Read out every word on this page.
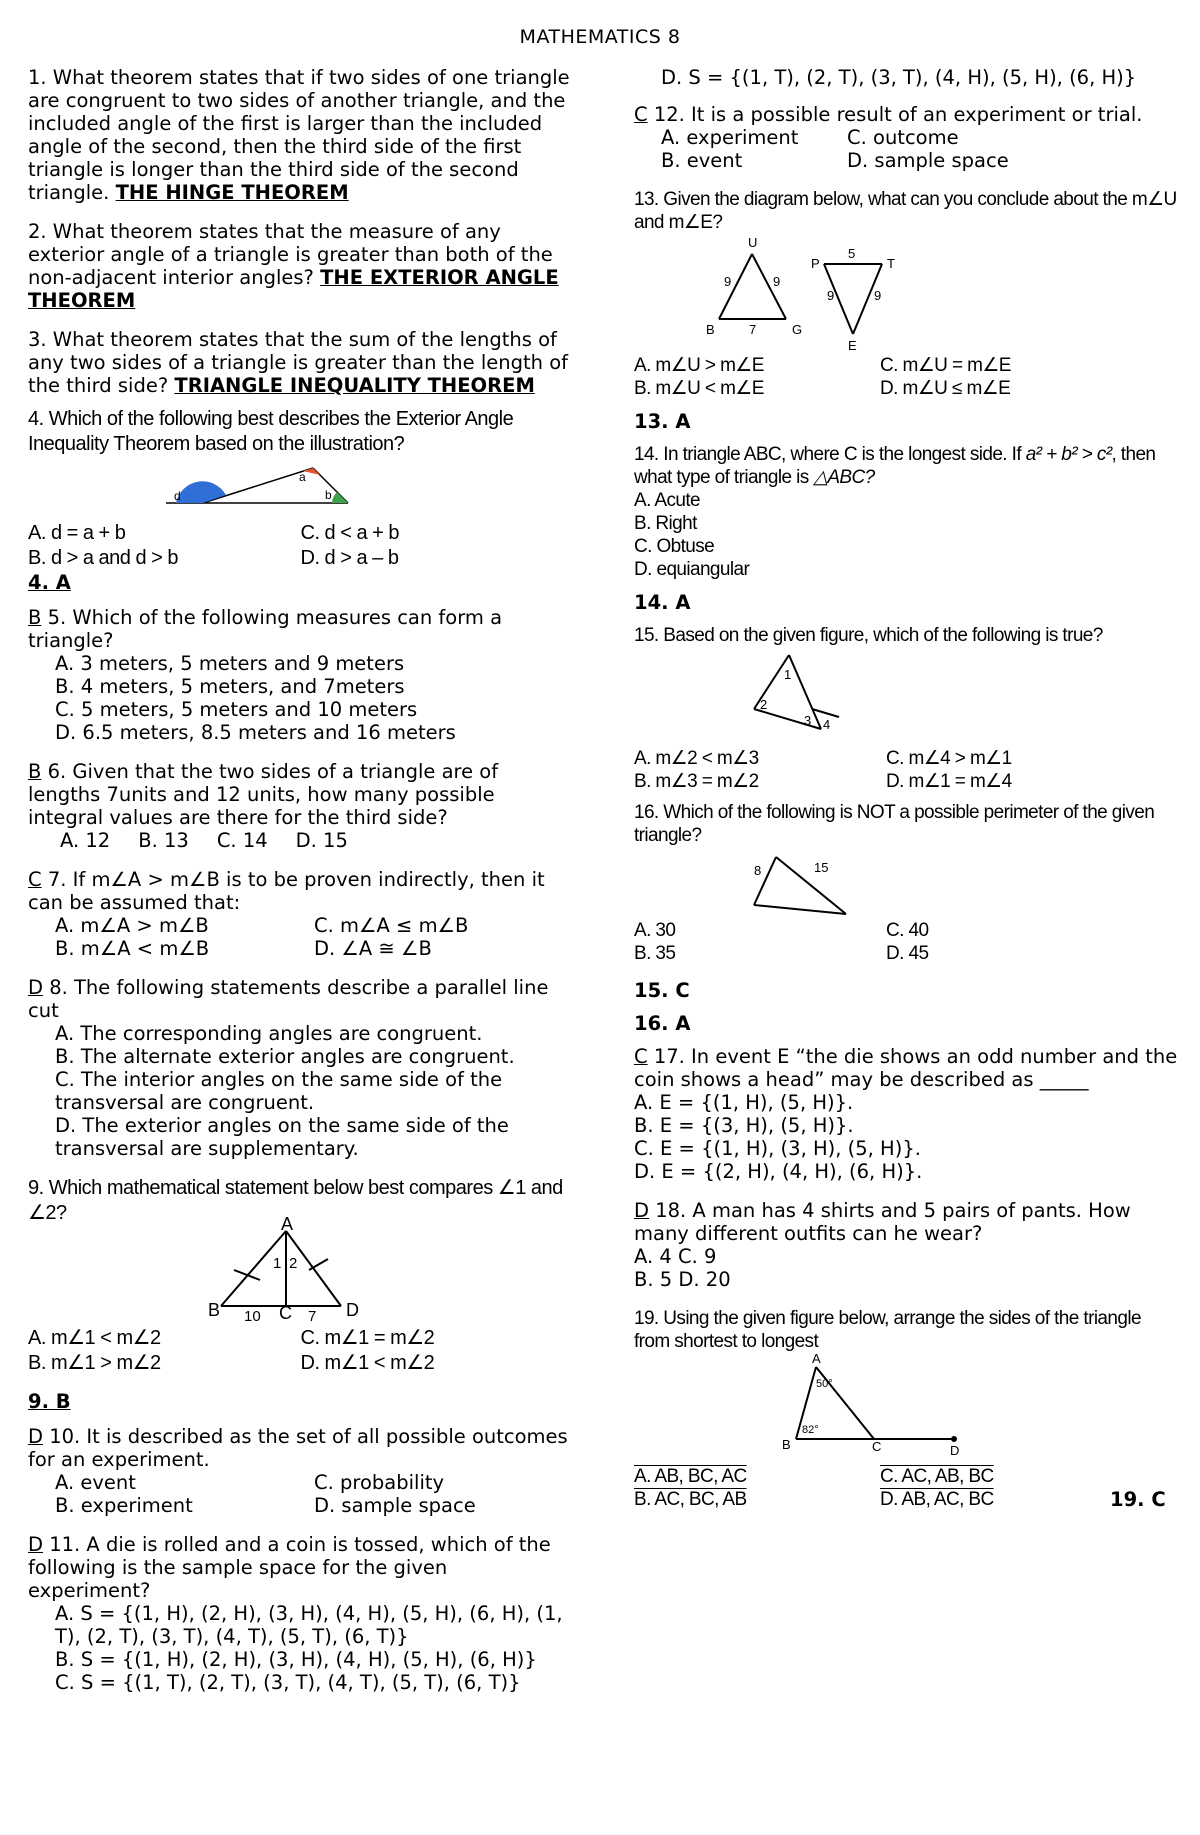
MATHEMATICS 8

1. What theorem states that if two sides of one triangle are congruent to two sides of another triangle, and the included angle of the first is larger than the included angle of the second, then the third side of the first triangle is longer than the third side of the second triangle. THE HINGE THEOREM

2. What theorem states that the measure of any exterior angle of a triangle is greater than both of the non-adjacent interior angles? THE EXTERIOR ANGLE THEOREM

3. What theorem states that the sum of the lengths of any two sides of a triangle is greater than the length of the third side? TRIANGLE INEQUALITY THEOREM

4. Which of the following best describes the Exterior Angle Inequality Theorem based on the illustration?

d
a
b
A. d = a + b	C. d < a + b
B. d > a and d > b	D. d > a – b
4. A

B 5. Which of the following measures can form a triangle?

A. 3 meters, 5 meters and 9 meters
B. 4 meters, 5 meters, and 7meters
C. 5 meters, 5 meters and 10 meters
D. 6.5 meters, 8.5 meters and 16 meters

B 6. Given that the two sides of a triangle are of lengths 7units and 12 units, how many possible integral values are there for the third side?

A. 12 B. 13 C. 14 D. 15

C 7. If m∠A > m∠B is to be proven indirectly, then it can be assumed that:

A. m∠A > m∠B	C. m∠A ≤ m∠B
B. m∠A < m∠B	D. ∠A ≅ ∠B

D 8. The following statements describe a parallel line cut

A. The corresponding angles are congruent.
B. The alternate exterior angles are congruent.
C. The interior angles on the same side of the transversal are congruent.
D. The exterior angles on the same side of the transversal are supplementary.

9. Which mathematical statement below best compares ∠1 and ∠2?	A
B	C	D
1 2
10	7
A. m∠1 < m∠2	C. m∠1 = m∠2
B. m∠1 > m∠2	D. m∠1 < m∠2
9. B

D 10. It is described as the set of all possible outcomes for an experiment.

A. event	C. probability
B. experiment	D. sample space

D 11. A die is rolled and a coin is tossed, which of the following is the sample space for the given experiment?

A. S = {(1, H), (2, H), (3, H), (4, H), (5, H), (6, H), (1, T), (2, T), (3, T), (4, T), (5, T), (6, T)}
B. S = {(1, H), (2, H), (3, H), (4, H), (5, H), (6, H)}
C. S = {(1, T), (2, T), (3, T), (4, T), (5, T), (6, T)}
D. S = {(1, T), (2, T), (3, T), (4, H), (5, H), (6, H)}

C 12. It is a possible result of an experiment or trial.

A. experiment	C. outcome
B. event	D. sample space

13. Given the diagram below, what can you conclude about the m∠U and m∠E?

U
B	G
9	9
7
P	T
E
5
9	9
A. m∠U > m∠E	C. m∠U = m∠E
B. m∠U < m∠E	D. m∠U ≤ m∠E
13. A

14. In triangle ABC, where C is the longest side. If a² + b² > c², then what type of triangle is △ABC?

A. Acute
B. Right
C. Obtuse
D. equiangular
14. A

15. Based on the given figure, which of the following is true?

1
2
3 4
A. m∠2 < m∠3	C. m∠4 > m∠1
B. m∠3 = m∠2	D. m∠1 = m∠4

16. Which of the following is NOT a possible perimeter of the given triangle?

8	15
A. 30	C. 40
B. 35	D. 45
15. C
16. A

C 17. In event E “the die shows an odd number and the coin shows a head” may be described as _____

A. E = {(1, H), (5, H)}.
B. E = {(3, H), (5, H)}.
C. E = {(1, H), (3, H), (5, H)}.
D. E = {(2, H), (4, H), (6, H)}.

D 18. A man has 4 shirts and 5 pairs of pants. How many different outfits can he wear?

A. 4 C. 9
B. 5 D. 20

19. Using the given figure below, arrange the sides of the triangle from shortest to longest

A
B	C	D
50°
82°
A. AB, BC, AC	C. AC, AB, BC
B. AC, BC, AB	D. AB, AC, BC	19. C
